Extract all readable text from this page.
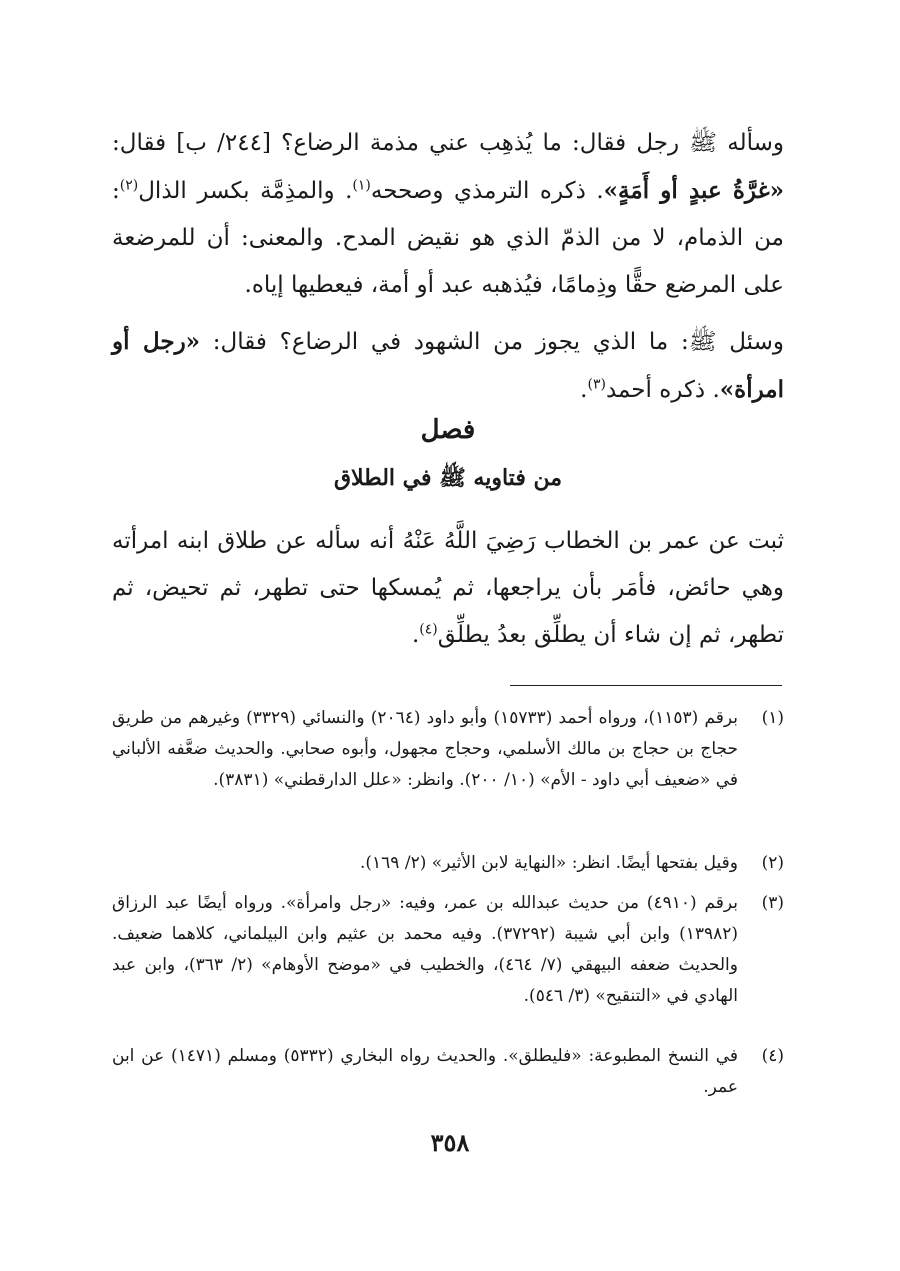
وسأله ﷺ رجل فقال: ما يُذهِب عني مذمة الرضاع؟ [٢٤٤/ ب] فقال: «غرَّةُ عبدٍ أو أَمَةٍ». ذكره الترمذي وصححه$^{(١)}$. والمذِمَّة بكسر الذال$^{(٢)}$: من الذمام، لا من الذمّ الذي هو نقيض المدح. والمعنى: أن للمرضعة على المرضع حقًّا وذِمامًا، فيُذهبه عبد أو أمة، فيعطيها إياه.

وسئل ﷺ: ما الذي يجوز من الشهود في الرضاع؟ فقال: «رجل أو امرأة». ذكره أحمد$^{(٣)}$.

فصل
من فتاويه ﷺ في الطلاق

ثبت عن عمر بن الخطاب رَضِيَ اللَّهُ عَنْهُ أنه سأله عن طلاق ابنه امرأته وهي حائض، فأمَر بأن يراجعها، ثم يُمسكها حتى تطهر، ثم تحيض، ثم تطهر، ثم إن شاء أن يطلِّق بعدُ يطلِّق$^{(٤)}$.

(١)
برقم (١١٥٣)، ورواه أحمد (١٥٧٣٣) وأبو داود (٢٠٦٤) والنسائي (٣٣٢٩) وغيرهم من طريق حجاج بن حجاج بن مالك الأسلمي، وحجاج مجهول، وأبوه صحابي. والحديث ضعَّفه الألباني في «ضعيف أبي داود - الأم» (١٠/ ٢٠٠). وانظر: «علل الدارقطني» (٣٨٣١).
(٢)
وقيل بفتحها أيضًا. انظر: «النهاية لابن الأثير» (٢/ ١٦٩).
(٣)
برقم (٤٩١٠) من حديث عبدالله بن عمر، وفيه: «رجل وامرأة». ورواه أيضًا عبد الرزاق (١٣٩٨٢) وابن أبي شيبة (٣٧٢٩٢). وفيه محمد بن عثيم وابن البيلماني، كلاهما ضعيف. والحديث ضعفه البيهقي (٧/ ٤٦٤)، والخطيب في «موضح الأوهام» (٢/ ٣٦٣)، وابن عبد الهادي في «التنقيح» (٣/ ٥٤٦).
(٤)
في النسخ المطبوعة: «فليطلق». والحديث رواه البخاري (٥٣٣٢) ومسلم (١٤٧١) عن ابن عمر.
٣٥٨
